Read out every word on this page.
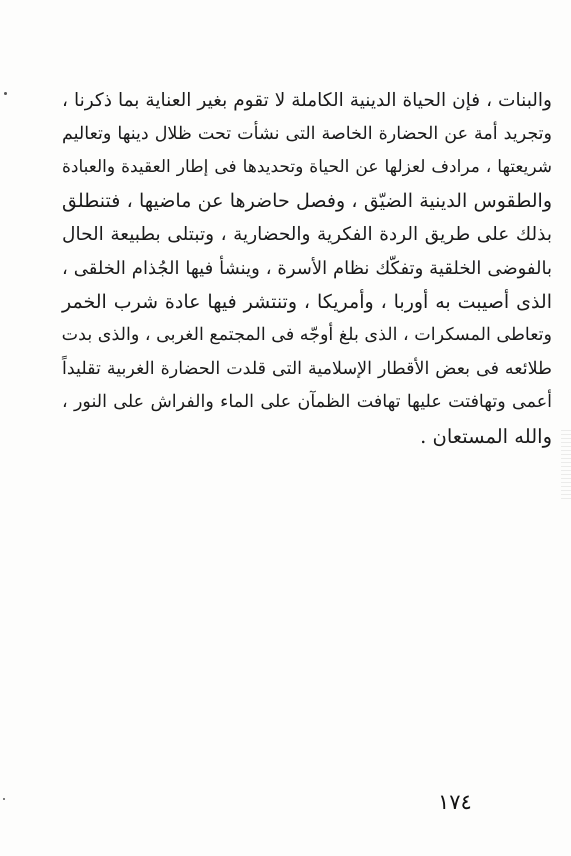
والبنات ، فإن الحياة الدينية الكاملة لا تقوم بغير العناية بما ذكرنا ،
وتجريد أمة عن الحضارة الخاصة التى نشأت تحت ظلال دينها وتعاليم
شريعتها ، مرادف لعزلها عن الحياة وتحديدها فى إطار العقيدة والعبادة
والطقوس الدينية الضيّق ، وفصل حاضرها عن ماضيها ، فتنطلق
بذلك على طريق الردة الفكرية والحضارية ، وتبتلى بطبيعة الحال
بالفوضى الخلقية وتفكّك نظام الأسرة ، وينشأ فيها الجُذام الخلقى ،
الذى أصيبت به أوربا ، وأمريكا ، وتنتشر فيها عادة شرب الخمر
وتعاطى المسكرات ، الذى بلغ أوجّه فى المجتمع الغربى ، والذى بدت
طلائعه فى بعض الأقطار الإسلامية التى قلدت الحضارة الغربية تقليداً
أعمى وتهافتت عليها تهافت الظمآن على الماء والفراش على النور ،
والله المستعان .
١٧٤
